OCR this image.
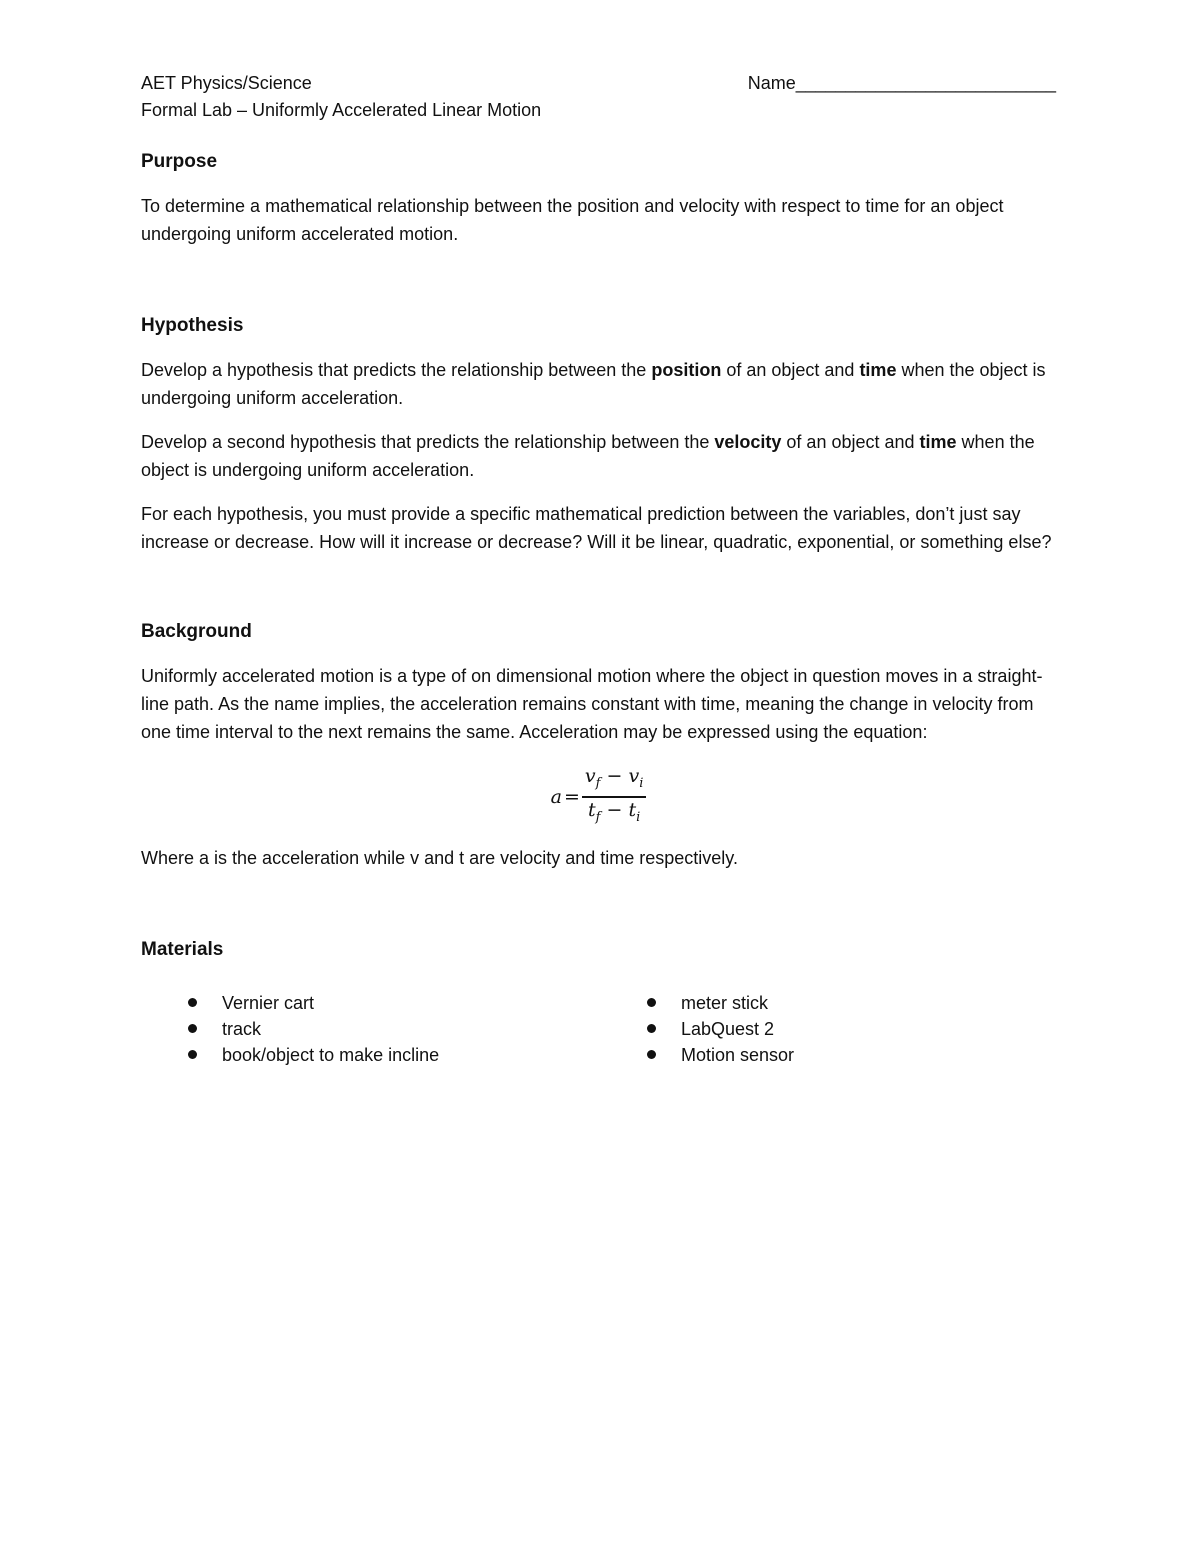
AET Physics/Science	Name__________________________
Formal Lab – Uniformly Accelerated Linear Motion
Purpose

To determine a mathematical relationship between the position and velocity with respect to time for an object undergoing uniform accelerated motion.

Hypothesis

Develop a hypothesis that predicts the relationship between the position of an object and time when the object is undergoing uniform acceleration.

Develop a second hypothesis that predicts the relationship between the velocity of an object and time when the object is undergoing uniform acceleration.

For each hypothesis, you must provide a specific mathematical prediction between the variables, don’t just say increase or decrease. How will it increase or decrease? Will it be linear, quadratic, exponential, or something else?

Background

Uniformly accelerated motion is a type of on dimensional motion where the object in question moves in a straight-line path. As the name implies, the acceleration remains constant with time, meaning the change in velocity from one time interval to the next remains the same. Acceleration may be expressed using the equation:

$a = \frac{v_f - v_i}{t_f - t_i}$

Where a is the acceleration while v and t are velocity and time respectively.

Materials
Vernier cart
track
book/object to make incline
meter stick
LabQuest 2
Motion sensor
